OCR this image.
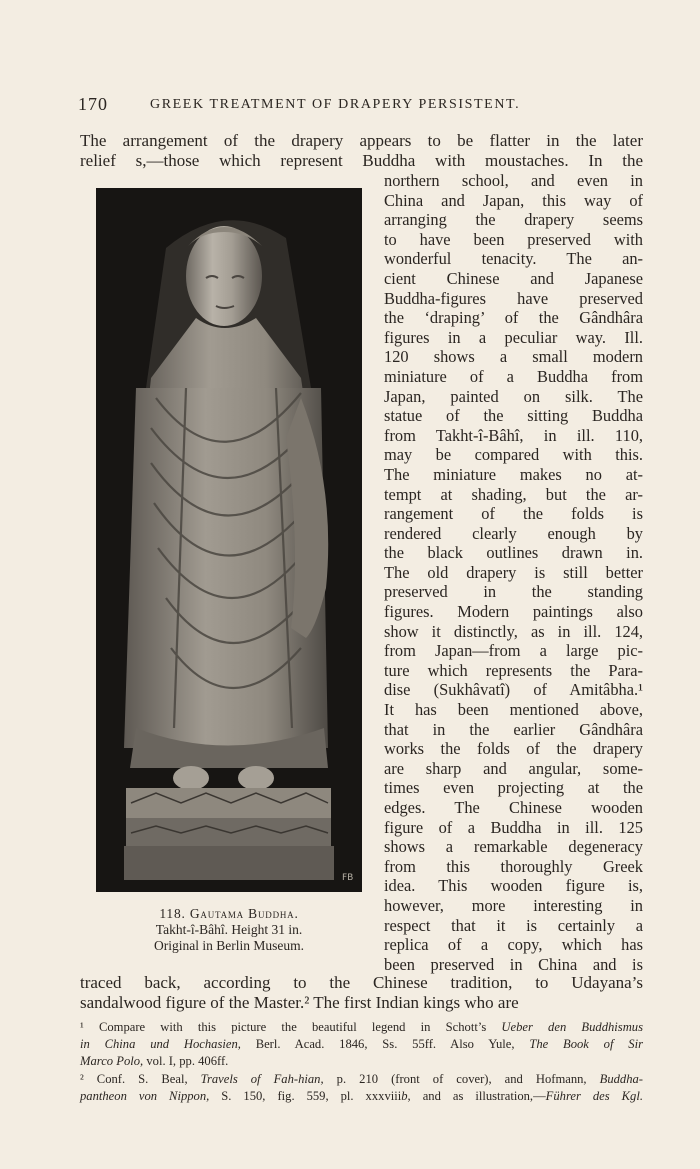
170	GREEK TREATMENT OF DRAPERY PERSISTENT.
The arrangement of the drapery appears to be flatter in the later
relief s,—those which represent Buddha with moustaches. In the
northern school, and even in
China and Japan, this way of
arranging the drapery seems
to have been preserved with
wonderful tenacity. The an-
cient Chinese and Japanese
Buddha-figures have preserved
the ‘draping’ of the Gândhâra
figures in a peculiar way. Ill.
120 shows a small modern
miniature of a Buddha from
Japan, painted on silk. The
statue of the sitting Buddha
from Takht-î-Bâhî, in ill. 110,
may be compared with this.
The miniature makes no at-
tempt at shading, but the ar-
rangement of the folds is
rendered clearly enough by
the black outlines drawn in.
The old drapery is still better
preserved in the standing
figures. Modern paintings also
show it distinctly, as in ill. 124,
from Japan—from a large pic-
ture which represents the Para-
dise (Sukhâvatî) of Amitâbha.¹
It has been mentioned above,
that in the earlier Gândhâra
works the folds of the drapery
are sharp and angular, some-
times even projecting at the
edges. The Chinese wooden
figure of a Buddha in ill. 125
shows a remarkable degeneracy
from this thoroughly Greek
idea. This wooden figure is,
however, more interesting in
respect that it is certainly a
replica of a copy, which has
been preserved in China and is
FB
118. Gautama Buddha.
Takht-î-Bâhî. Height 31 in.
Original in Berlin Museum.
traced back, according to the Chinese tradition, to Udayana’s
sandalwood figure of the Master.² The first Indian kings who are
¹ Compare with this picture the beautiful legend in Schott’s Ueber den Buddhismus
in China und Hochasien, Berl. Acad. 1846, Ss. 55ff. Also Yule, The Book of Sir
Marco Polo, vol. I, pp. 406ff.
² Conf. S. Beal, Travels of Fah-hian, p. 210 (front of cover), and Hofmann, Buddha-
pantheon von Nippon, S. 150, fig. 559, pl. xxxviiib, and as illustration,—Führer des Kgl.
